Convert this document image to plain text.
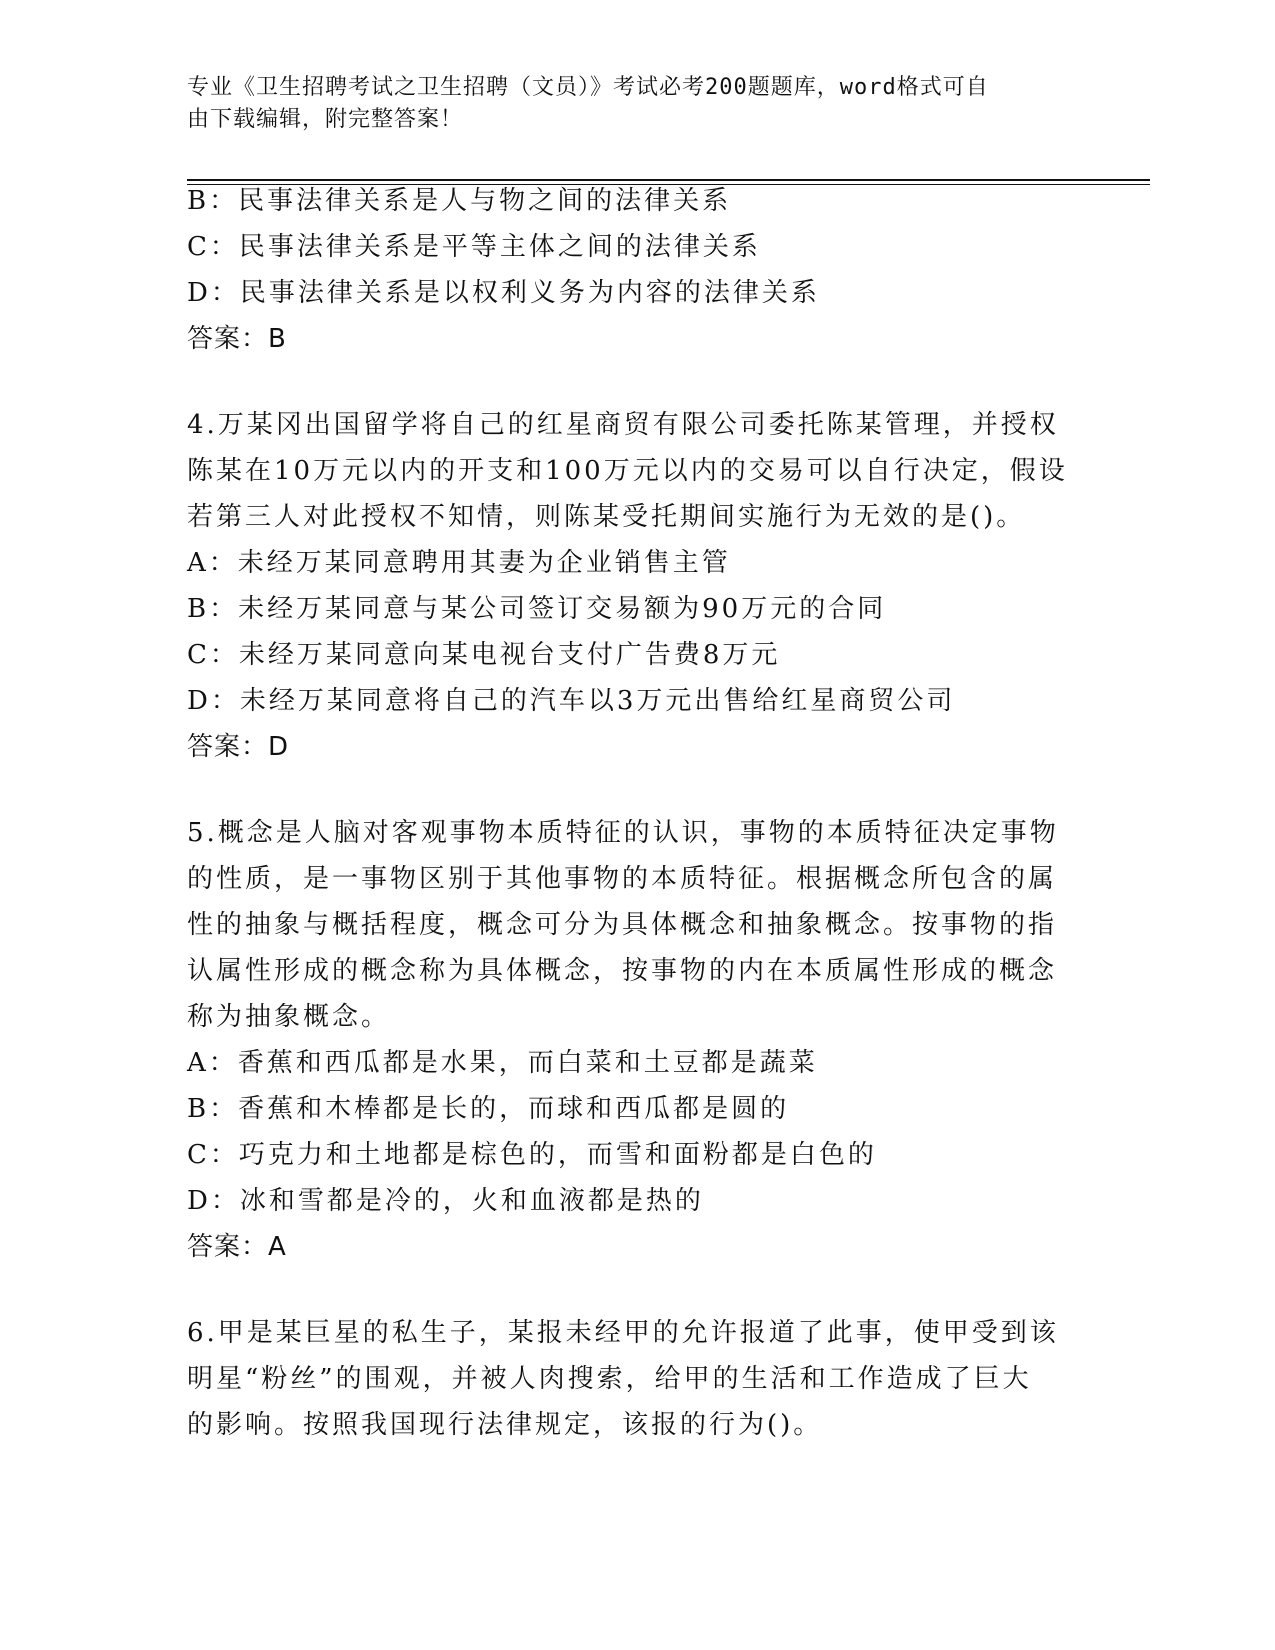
专业《卫生招聘考试之卫生招聘（文员）》考试必考200题题库，word格式可自
由下载编辑，附完整答案！
B：民事法律关系是人与物之间的法律关系
C：民事法律关系是平等主体之间的法律关系
D：民事法律关系是以权利义务为内容的法律关系
答案：B
4.万某冈出国留学将自己的红星商贸有限公司委托陈某管理，并授权
陈某在10万元以内的开支和100万元以内的交易可以自行决定，假设
若第三人对此授权不知情，则陈某受托期间实施行为无效的是()。
A：未经万某同意聘用其妻为企业销售主管
B：未经万某同意与某公司签订交易额为90万元的合同
C：未经万某同意向某电视台支付广告费8万元
D：未经万某同意将自己的汽车以3万元出售给红星商贸公司
答案：D
5.概念是人脑对客观事物本质特征的认识，事物的本质特征决定事物
的性质，是一事物区别于其他事物的本质特征。根据概念所包含的属
性的抽象与概括程度，概念可分为具体概念和抽象概念。按事物的指
认属性形成的概念称为具体概念，按事物的内在本质属性形成的概念
称为抽象概念。
A：香蕉和西瓜都是水果，而白菜和土豆都是蔬菜
B：香蕉和木棒都是长的，而球和西瓜都是圆的
C：巧克力和土地都是棕色的，而雪和面粉都是白色的
D：冰和雪都是冷的，火和血液都是热的
答案：A
6.甲是某巨星的私生子，某报未经甲的允许报道了此事，使甲受到该
明星“粉丝”的围观，并被人肉搜索，给甲的生活和工作造成了巨大
的影响。按照我国现行法律规定，该报的行为()。
